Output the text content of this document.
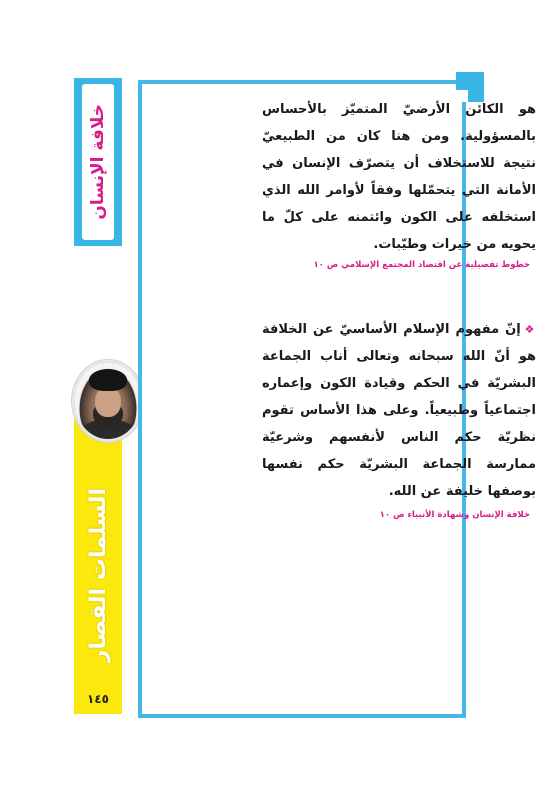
خلافة الإنسان
السلمات القصار
١٤٥
هو الكائن الأرضيّ المتميّز بالأحساس بالمسؤولية. ومن هنا كان من الطبيعيّ نتيجة للاستخلاف أن يتصرّف الإنسان في الأمانة التي يتحمّلها وفقاً لأوامر الله الذي استخلفه على الكون وائتمنه على كلّ ما يحويه من خيرات وطيّبات.
خطوط تفصيلية عن اقتصاد المجتمع الإسلامي ص ١٠
❖إنّ مفهوم الإسلام الأساسيّ عن الخلافة هو أنّ الله سبحانه وتعالى أناب الجماعة البشريّة في الحكم وقيادة الكون وإعماره اجتماعياً وطبيعياً. وعلى هذا الأساس تقوم نظريّة حكم الناس لأنفسهم وشرعيّة ممارسة الجماعة البشريّة حكم نفسها بوصفها خليفة عن الله.
خلافة الإنسان وشهادة الأنبياء ص ١٠
